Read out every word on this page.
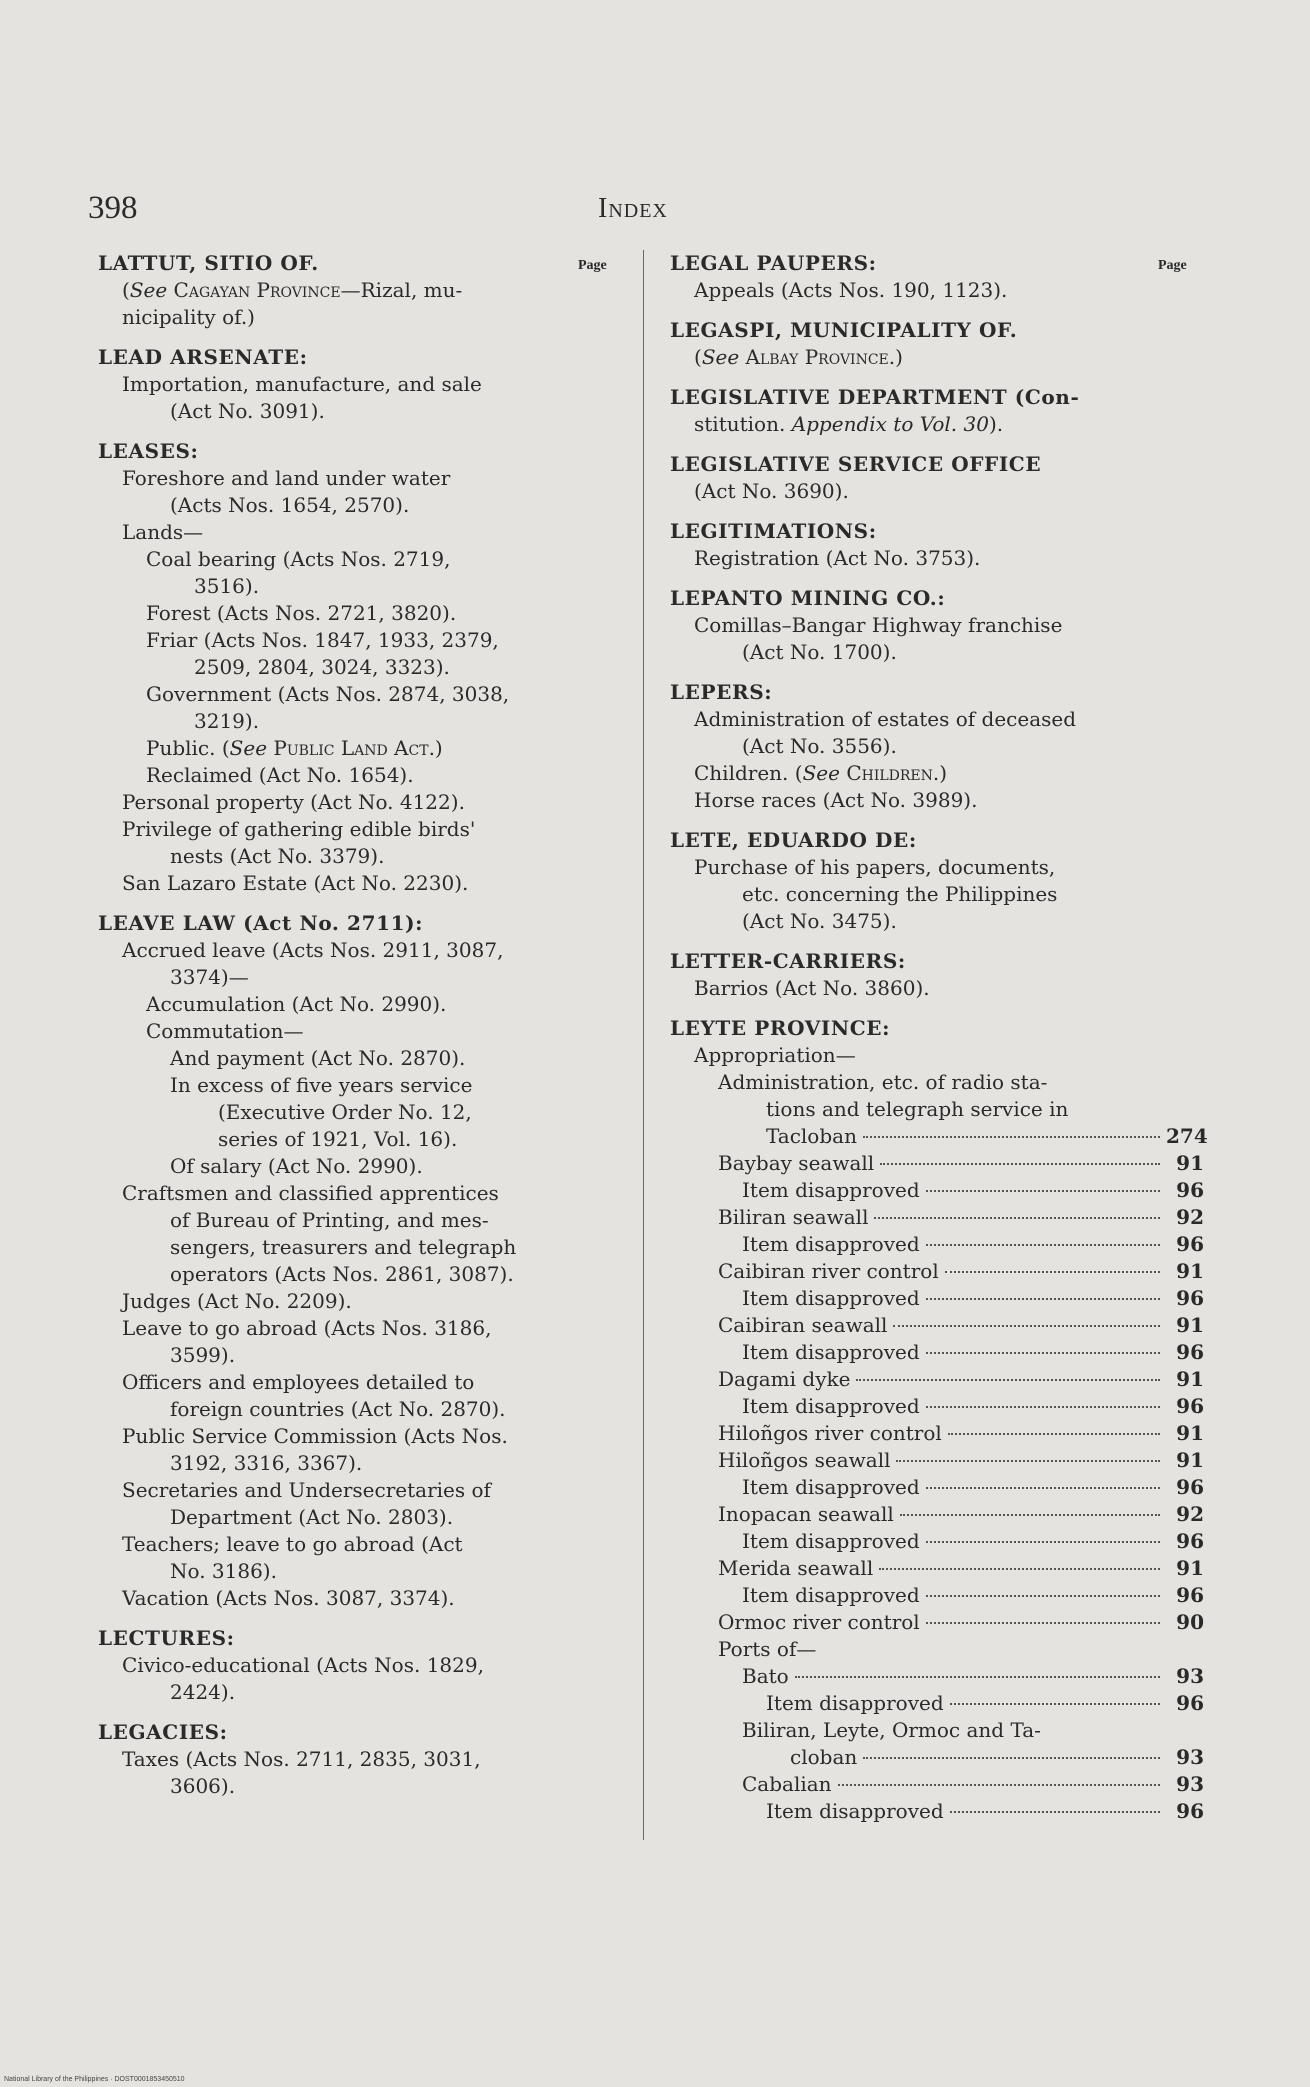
398	Index
Page	Page
LATTUT, SITIO OF.
(See Cagayan Province—Rizal, mu-
nicipality of.)
LEAD ARSENATE:
Importation, manufacture, and sale
(Act No. 3091).
LEASES:
Foreshore and land under water
(Acts Nos. 1654, 2570).
Lands—
Coal bearing (Acts Nos. 2719,
3516).
Forest (Acts Nos. 2721, 3820).
Friar (Acts Nos. 1847, 1933, 2379,
2509, 2804, 3024, 3323).
Government (Acts Nos. 2874, 3038,
3219).
Public. (See Public Land Act.)
Reclaimed (Act No. 1654).
Personal property (Act No. 4122).
Privilege of gathering edible birds'
nests (Act No. 3379).
San Lazaro Estate (Act No. 2230).
LEAVE LAW (Act No. 2711):
Accrued leave (Acts Nos. 2911, 3087,
3374)—
Accumulation (Act No. 2990).
Commutation—
And payment (Act No. 2870).
In excess of five years service
(Executive Order No. 12,
series of 1921, Vol. 16).
Of salary (Act No. 2990).
Craftsmen and classified apprentices
of Bureau of Printing, and mes-
sengers, treasurers and telegraph
operators (Acts Nos. 2861, 3087).
Judges (Act No. 2209).
Leave to go abroad (Acts Nos. 3186,
3599).
Officers and employees detailed to
foreign countries (Act No. 2870).
Public Service Commission (Acts Nos.
3192, 3316, 3367).
Secretaries and Undersecretaries of
Department (Act No. 2803).
Teachers; leave to go abroad (Act
No. 3186).
Vacation (Acts Nos. 3087, 3374).
LECTURES:
Civico-educational (Acts Nos. 1829,
2424).
LEGACIES:
Taxes (Acts Nos. 2711, 2835, 3031,
3606).
LEGAL PAUPERS:
Appeals (Acts Nos. 190, 1123).
LEGASPI, MUNICIPALITY OF.
(See Albay Province.)
LEGISLATIVE DEPARTMENT (Con-
stitution. Appendix to Vol. 30).
LEGISLATIVE SERVICE OFFICE
(Act No. 3690).
LEGITIMATIONS:
Registration (Act No. 3753).
LEPANTO MINING CO.:
Comillas–Bangar Highway franchise
(Act No. 1700).
LEPERS:
Administration of estates of deceased
(Act No. 3556).
Children. (See Children.)
Horse races (Act No. 3989).
LETE, EDUARDO DE:
Purchase of his papers, documents,
etc. concerning the Philippines
(Act No. 3475).
LETTER-CARRIERS:
Barrios (Act No. 3860).
LEYTE PROVINCE:
Appropriation—
Administration, etc. of radio sta-
tions and telegraph service in
Tacloban	274
Baybay seawall	91
Item disapproved	96
Biliran seawall	92
Item disapproved	96
Caibiran river control	91
Item disapproved	96
Caibiran seawall	91
Item disapproved	96
Dagami dyke	91
Item disapproved	96
Hiloñgos river control	91
Hiloñgos seawall	91
Item disapproved	96
Inopacan seawall	92
Item disapproved	96
Merida seawall	91
Item disapproved	96
Ormoc river control	90
Ports of—
Bato	93
Item disapproved	96
Biliran, Leyte, Ormoc and Ta-
cloban	93
Cabalian	93
Item disapproved	96
National Library of the Philippines · DOST0001853450510
